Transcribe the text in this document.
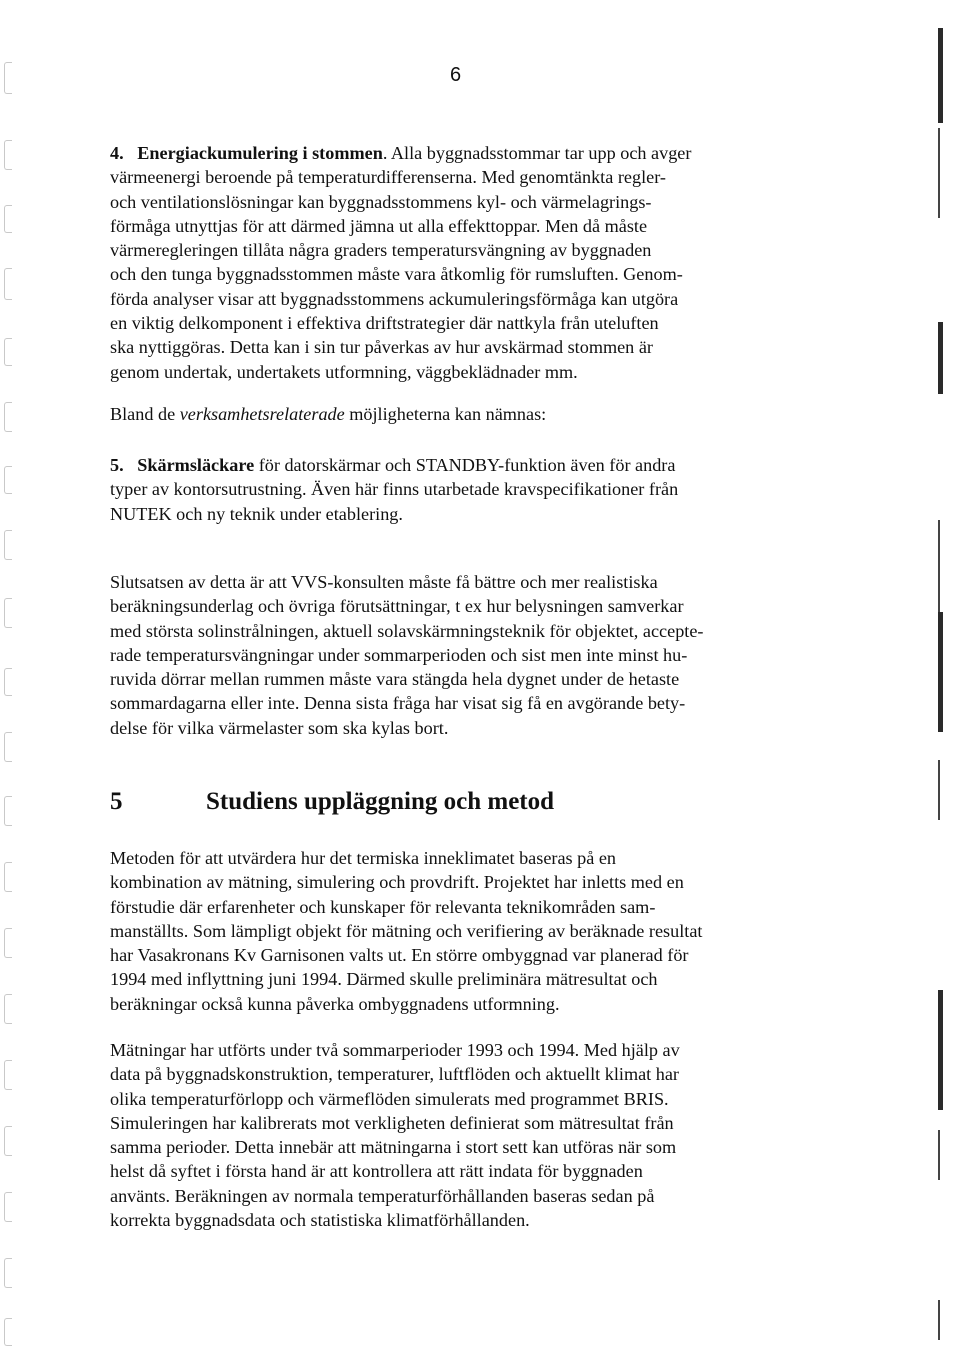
6
4. Energiackumulering i stommen. Alla byggnadsstommar tar upp och avger
värmeenergi beroende på temperaturdifferenserna. Med genomtänkta regler-
och ventilationslösningar kan byggnadsstommens kyl- och värmelagrings-
förmåga utnyttjas för att därmed jämna ut alla effekttoppar. Men då måste
värmeregleringen tillåta några graders temperatursvängning av byggnaden
och den tunga byggnadsstommen måste vara åtkomlig för rumsluften. Genom-
förda analyser visar att byggnadsstommens ackumuleringsförmåga kan utgöra
en viktig delkomponent i effektiva driftstrategier där nattkyla från uteluften
ska nyttiggöras. Detta kan i sin tur påverkas av hur avskärmad stommen är
genom undertak, undertakets utformning, väggbeklädnader mm.
Bland de verksamhetsrelaterade möjligheterna kan nämnas:
5. Skärmsläckare för datorskärmar och STANDBY-funktion även för andra
typer av kontorsutrustning. Även här finns utarbetade kravspecifikationer från
NUTEK och ny teknik under etablering.
Slutsatsen av detta är att VVS-konsulten måste få bättre och mer realistiska
beräkningsunderlag och övriga förutsättningar, t ex hur belysningen samverkar
med största solinstrålningen, aktuell solavskärmningsteknik för objektet, accepte-
rade temperatursvängningar under sommarperioden och sist men inte minst hu-
ruvida dörrar mellan rummen måste vara stängda hela dygnet under de hetaste
sommardagarna eller inte. Denna sista fråga har visat sig få en avgörande bety-
delse för vilka värmelaster som ska kylas bort.
5	Studiens uppläggning och metod
Metoden för att utvärdera hur det termiska inneklimatet baseras på en
kombination av mätning, simulering och provdrift. Projektet har inletts med en
förstudie där erfarenheter och kunskaper för relevanta teknikområden sam-
manställts. Som lämpligt objekt för mätning och verifiering av beräknade resultat
har Vasakronans Kv Garnisonen valts ut. En större ombyggnad var planerad för
1994 med inflyttning juni 1994. Därmed skulle preliminära mätresultat och
beräkningar också kunna påverka ombyggnadens utformning.
Mätningar har utförts under två sommarperioder 1993 och 1994. Med hjälp av
data på byggnadskonstruktion, temperaturer, luftflöden och aktuellt klimat har
olika temperaturförlopp och värmeflöden simulerats med programmet BRIS.
Simuleringen har kalibrerats mot verkligheten definierat som mätresultat från
samma perioder. Detta innebär att mätningarna i stort sett kan utföras när som
helst då syftet i första hand är att kontrollera att rätt indata för byggnaden
använts. Beräkningen av normala temperaturförhållanden baseras sedan på
korrekta byggnadsdata och statistiska klimatförhållanden.
